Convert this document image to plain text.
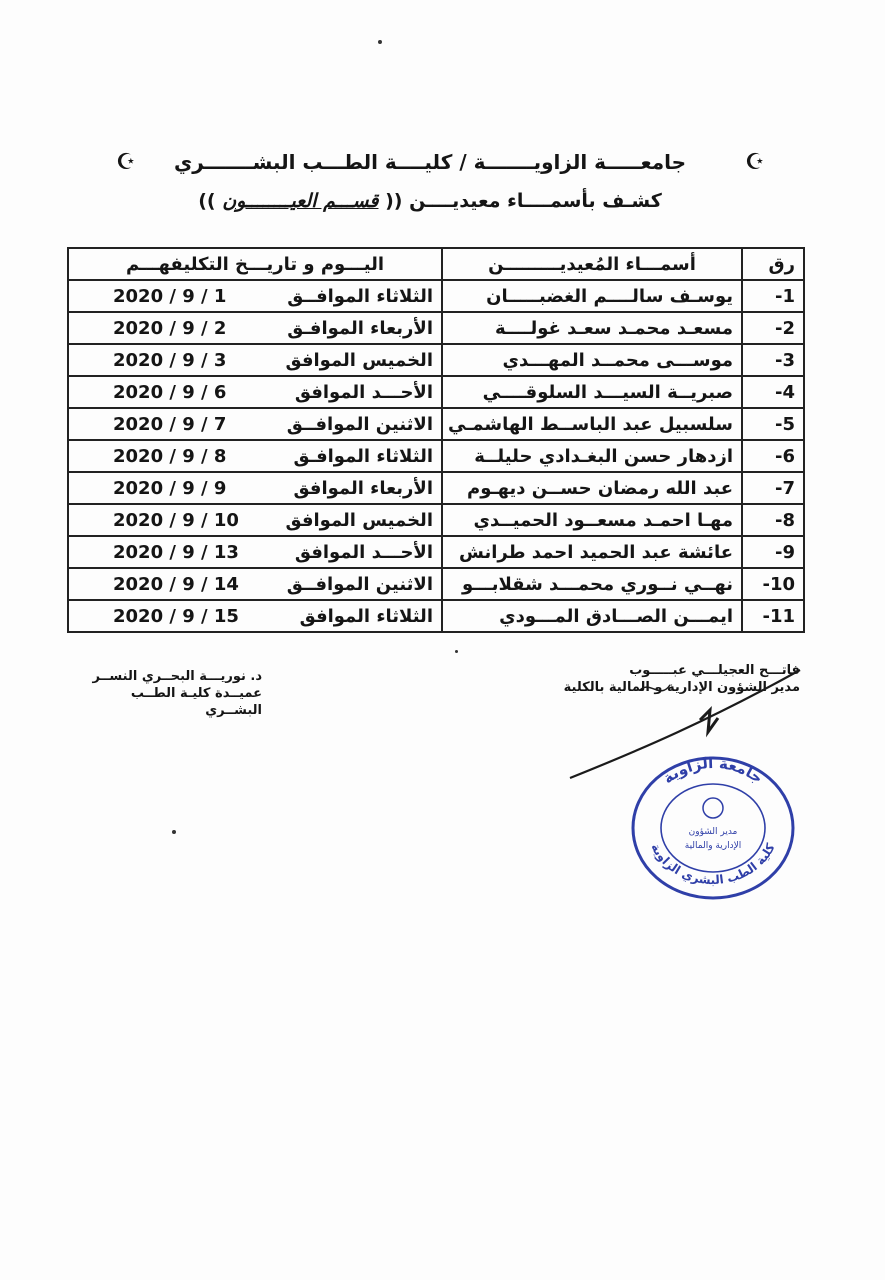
☪
☪	جامعـــــة الزاويـــــــة / كليــــة الطـــب البشـــــــري
كشـف بأسمــــاء معيديــــن (( قســـم العيــــــــون ))
رق	أسمـــاء المُعيديـــــــــن	اليـــوم و تاريـــخ التكليفهـــم
1-	يوسـف سالــــم الغضبـــــان	الثلاثاء الموافــق2020 / 9 / 1
2-	مسعـد محمـد سعـد غولــــة	الأربعاء الموافـق2020 / 9 / 2
3-	موســـى محمــد المهـــدي	الخميس الموافق2020 / 9 / 3
4-	صبريــة السيـــد السلوقــــي	الأحـــد الموافق2020 / 9 / 6
5-	سلسبيل عبد الباســط الهاشمـي	الاثنين الموافــق2020 / 9 / 7
6-	ازدهار حسن البغـدادي حليلــة	الثلاثاء الموافـق2020 / 9 / 8
7-	عبد الله رمضان حســن ديهـوم	الأربعاء الموافق2020 / 9 / 9
8-	مهـا احمـد مسعــود الحميــدي	الخميس الموافق2020 / 9 / 10
9-	عائشة عبد الحميد احمد طرانش	الأحـــد الموافق2020 / 9 / 13
10-	نهــي نــوري محمـــد شقلابـــو	الاثنين الموافــق2020 / 9 / 14
11-	ايمـــن الصـــادق المـــودي	الثلاثاء الموافق2020 / 9 / 15
د. نوريـــة البحــري النســر
عميــدة كليـة الطــب البشــري
فاتـــح العجيلـــي عبـــــوب
مدير الشؤون الإدارية و المالية بالكلية
جامعة الزاوية
كلية الطب البشري الزاوية
مدير الشؤون
الإدارية والمالية
